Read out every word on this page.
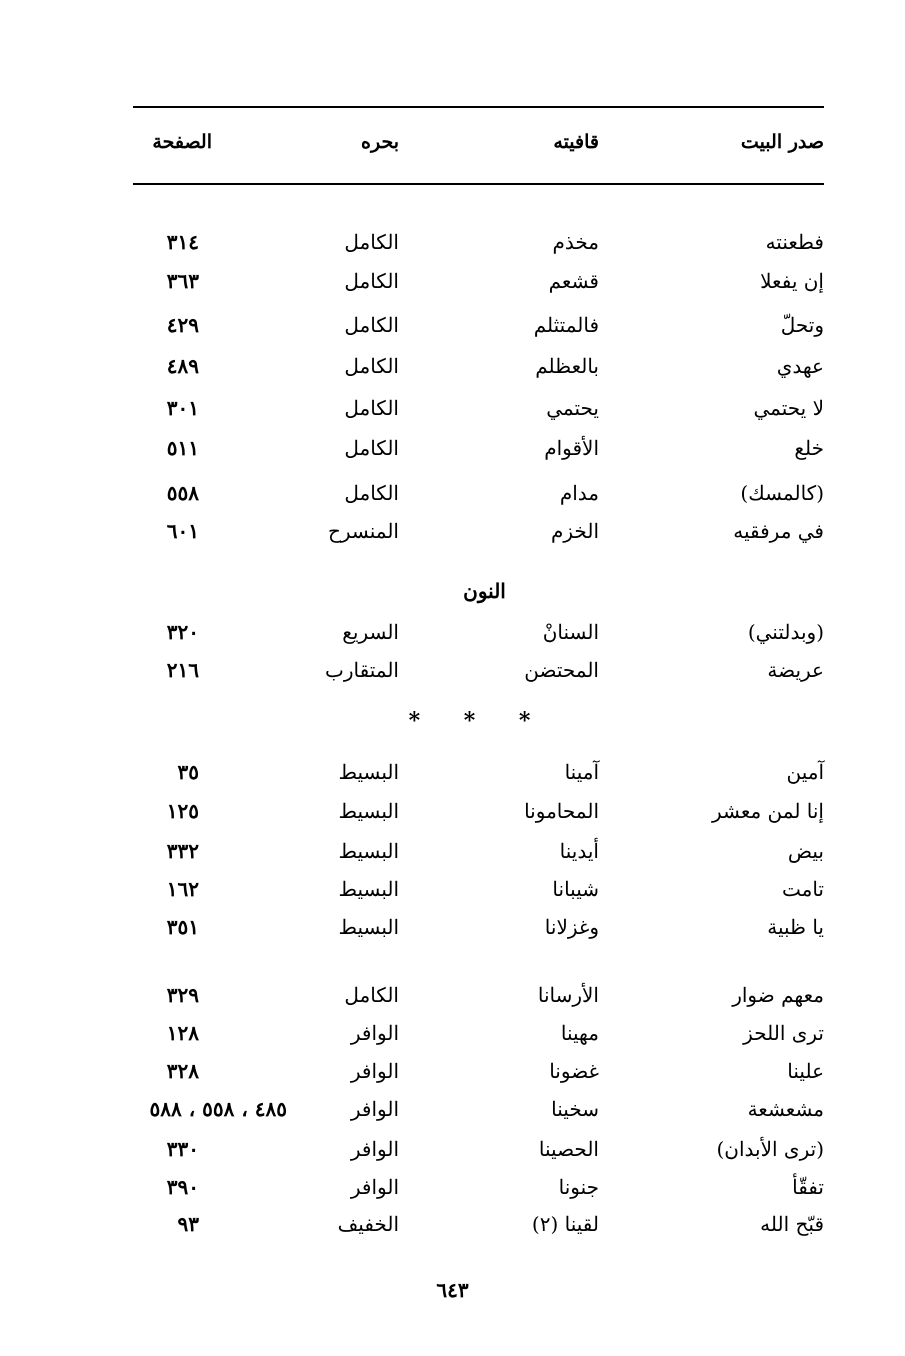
صدر البيت
قافيته
بحره
الصفحة
فطعنته
مخذم
الكامل
٣١٤
إن يفعلا
قشعم
الكامل
٣٦٣
وتحلّ
فالمتثلم
الكامل
٤٢٩
عهدي
بالعظلم
الكامل
٤٨٩
لا يحتمي
يحتمي
الكامل
٣٠١
خلع
الأقوام
الكامل
٥١١
(كالمسك)
مدام
الكامل
٥٥٨
في مرفقيه
الخزم
المنسرح
٦٠١
النون
(وبدلتني)
السنانْ
السريع
٣٢٠
عريضة
المحتضن
المتقارب
٢١٦
* * *
آمين
آمينا
البسيط
٣٥
إنا لمن معشر
المحامونا
البسيط
١٢٥
بيض
أيدينا
البسيط
٣٣٢
تامت
شيبانا
البسيط
١٦٢
يا ظبية
وغزلانا
البسيط
٣٥١
معهم ضوار
الأرسانا
الكامل
٣٢٩
ترى اللحز
مهينا
الوافر
١٢٨
علينا
غضونا
الوافر
٣٢٨
مشعشعة
سخينا
الوافر
٤٨٥ ، ٥٥٨ ، ٥٨٨
(ترى الأبدان)
الحصينا
الوافر
٣٣٠
تفقّأ
جنونا
الوافر
٣٩٠
قبّح الله
لقينا (٢)
الخفيف
٩٣
٦٤٣
